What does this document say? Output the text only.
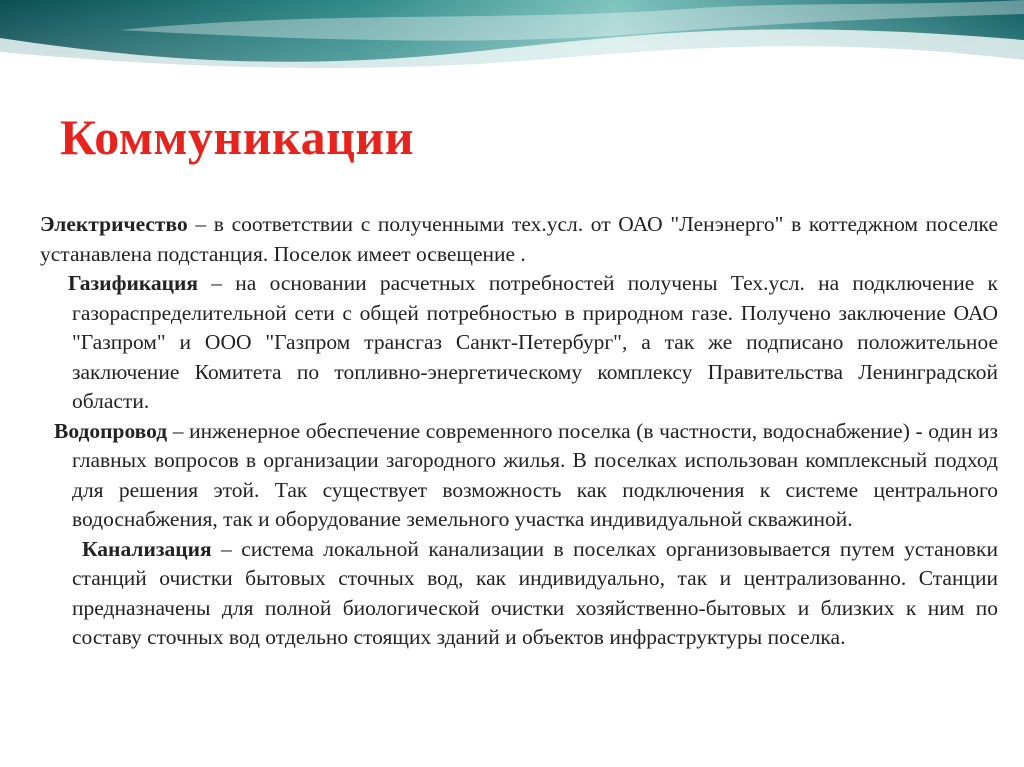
Коммуникации

Электричество – в соответствии с полученными тех.усл. от ОАО "Ленэнерго" в коттеджном поселке устанавлена подстанция. Поселок имеет освещение .

Газификация – на основании расчетных потребностей получены Тех.усл. на подключение к газораспределительной сети с общей потребностью в природном газе. Получено заключение ОАО "Газпром" и ООО "Газпром трансгаз Санкт-Петербург", а так же подписано положительное заключение Комитета по топливно-энергетическому комплексу Правительства Ленинградской области.

Водопровод – инженерное обеспечение современного поселка (в частности, водоснабжение) - один из главных вопросов в организации загородного жилья. В поселках использован комплексный подход для решения этой. Так существует возможность как подключения к системе центрального водоснабжения, так и оборудование земельного участка индивидуальной скважиной.

Канализация – система локальной канализации в поселках организовывается путем установки станций очистки бытовых сточных вод, как индивидуально, так и централизованно. Станции предназначены для полной биологической очистки хозяйственно-бытовых и близких к ним по составу сточных вод отдельно стоящих зданий и объектов инфраструктуры поселка.
